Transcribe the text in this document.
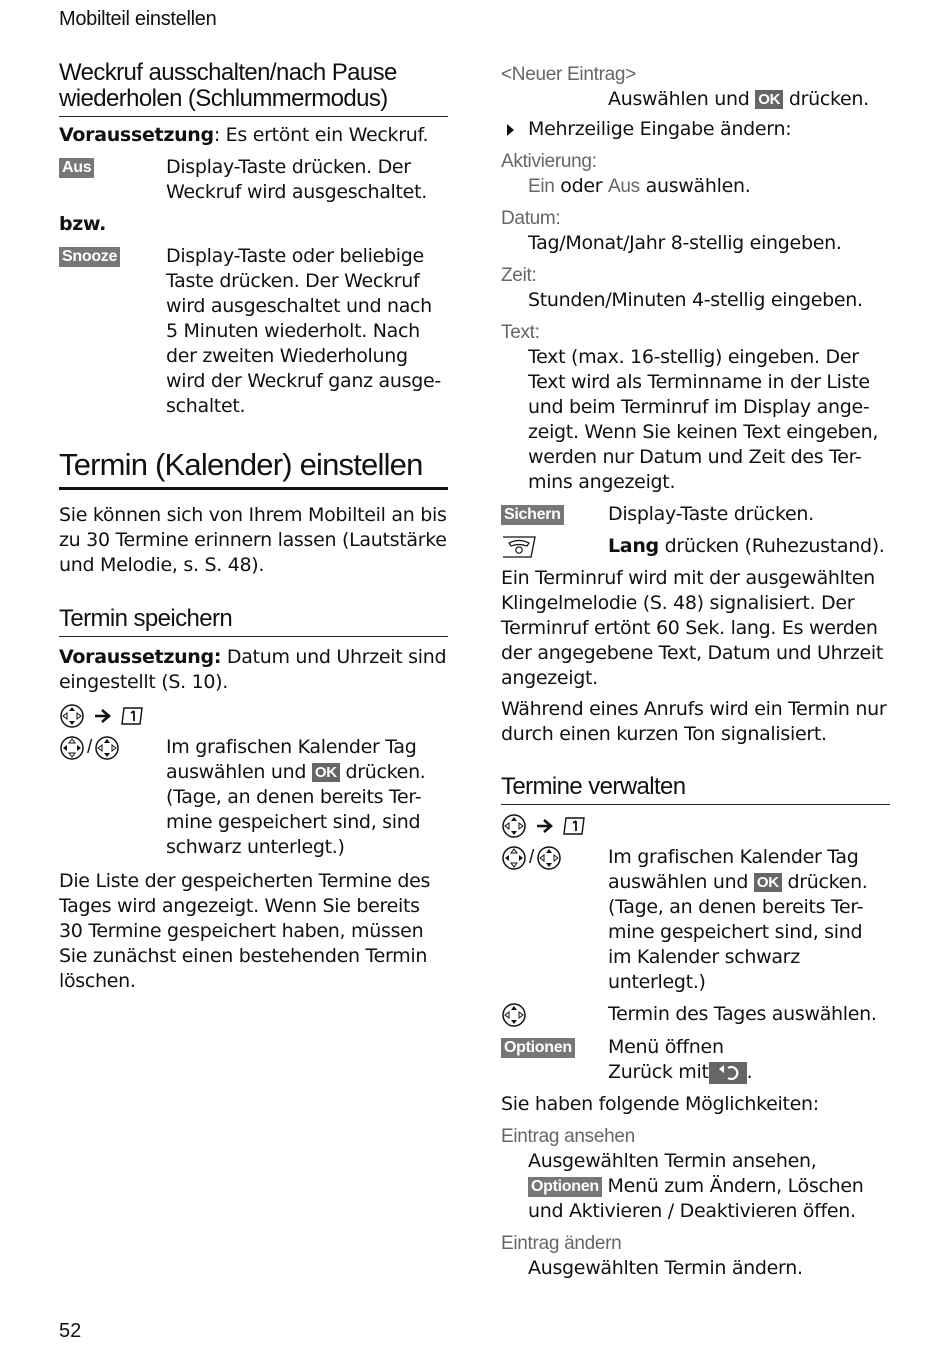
Mobilteil einstellen
Weckruf ausschalten/nach Pause wiederholen (Schlummermodus)

Voraussetzung: Es ertönt ein Weckruf.

Aus	Display-Taste drücken. Der Weckruf wird ausgeschaltet.

bzw.

Snooze	Display-Taste oder beliebige Taste drücken. Der Weckruf wird ausgeschaltet und nach 5 Minuten wiederholt. Nach der zweiten Wiederholung wird der Weckruf ganz ausge-schaltet.
Termin (Kalender) einstellen

Sie können sich von Ihrem Mobilteil an bis zu 30 Termine erinnern lassen (Lautstärke und Melodie, s. S. 48).

Termin speichern

Voraussetzung: Datum und Uhrzeit sind eingestellt (S. 10).

/	Im grafischen Kalender Tag auswählen und OK drücken. (Tage, an denen bereits Ter-mine gespeichert sind, sind schwarz unterlegt.)

Die Liste der gespeicherten Termine des Tages wird angezeigt. Wenn Sie bereits 30 Termine gespeichert haben, müssen Sie zunächst einen bestehenden Termin löschen.

<Neuer Eintrag>

Auswählen und OK drücken.

Mehrzeilige Eingabe ändern:

Aktivierung:

Ein oder Aus auswählen.

Datum:

Tag/Monat/Jahr 8-stellig eingeben.

Zeit:

Stunden/Minuten 4-stellig eingeben.

Text:

Text (max. 16-stellig) eingeben. Der Text wird als Terminname in der Liste und beim Terminruf im Display ange-zeigt. Wenn Sie keinen Text eingeben, werden nur Datum und Zeit des Ter-mins angezeigt.

Sichern	Display-Taste drücken.
Lang drücken (Ruhezustand).

Ein Terminruf wird mit der ausgewählten Klingelmelodie (S. 48) signalisiert. Der Terminruf ertönt 60 Sek. lang. Es werden der angegebene Text, Datum und Uhrzeit angezeigt.

Während eines Anrufs wird ein Termin nur durch einen kurzen Ton signalisiert.

Termine verwalten
/	Im grafischen Kalender Tag auswählen und OK drücken. (Tage, an denen bereits Ter-mine gespeichert sind, sind im Kalender schwarz unterlegt.)
Termin des Tages auswählen.
Optionen	Menü öffnen
Zurück mit .

Sie haben folgende Möglichkeiten:

Eintrag ansehen

Ausgewählten Termin ansehen,
Optionen Menü zum Ändern, Löschen und Aktivieren / Deaktivieren öffen.

Eintrag ändern

Ausgewählten Termin ändern.

52
